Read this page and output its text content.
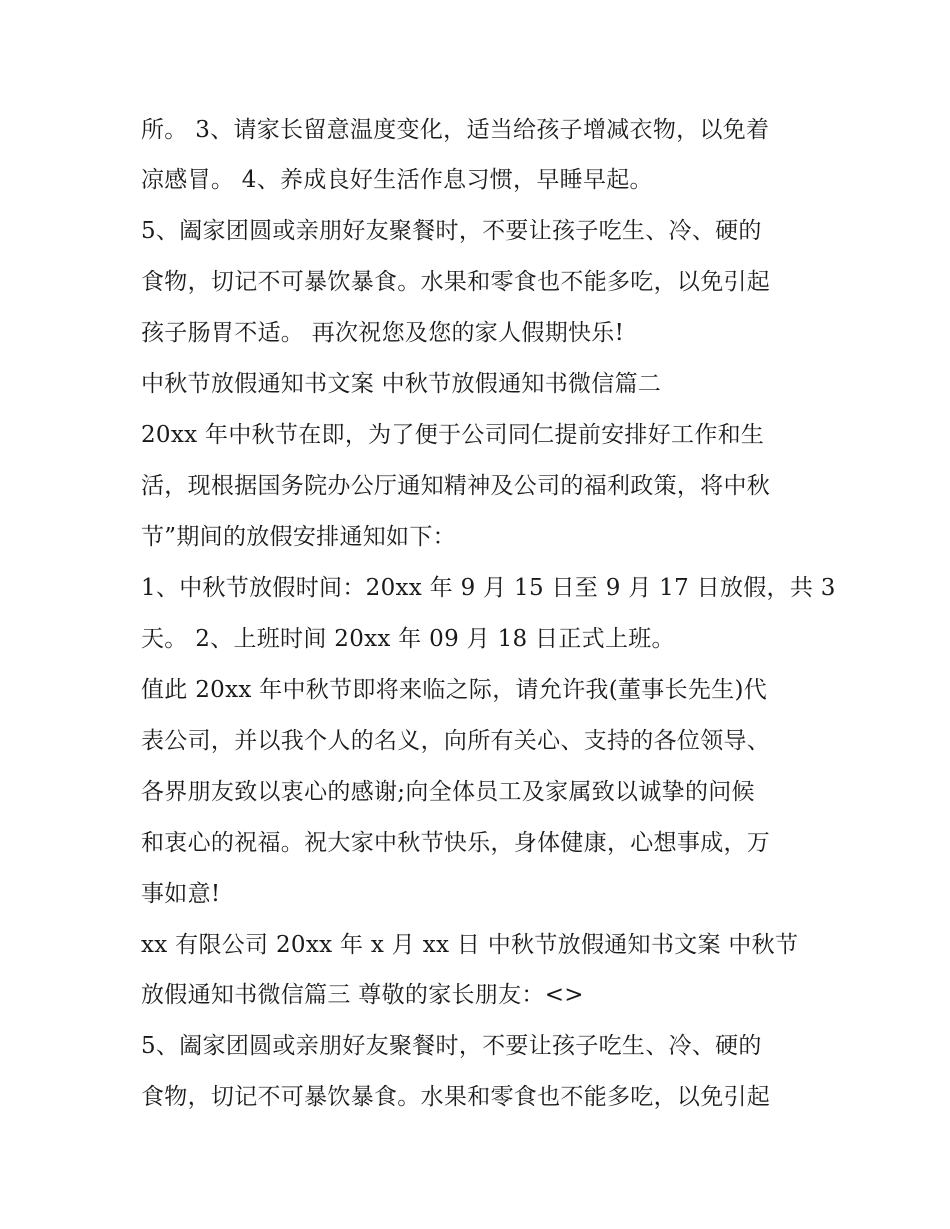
所。 3、请家长留意温度变化，适当给孩子增减衣物，以免着
凉感冒。 4、养成良好生活作息习惯，早睡早起。
5、阖家团圆或亲朋好友聚餐时，不要让孩子吃生、冷、硬的
食物，切记不可暴饮暴食。水果和零食也不能多吃，以免引起
孩子肠胃不适。 再次祝您及您的家人假期快乐!
中秋节放假通知书文案 中秋节放假通知书微信篇二
20xx 年中秋节在即，为了便于公司同仁提前安排好工作和生
活，现根据国务院办公厅通知精神及公司的福利政策，将中秋
节”期间的放假安排通知如下：
1、中秋节放假时间：20xx 年 9 月 15 日至 9 月 17 日放假，共 3
天。 2、上班时间 20xx 年 09 月 18 日正式上班。
值此 20xx 年中秋节即将来临之际，请允许我(董事长先生)代
表公司，并以我个人的名义，向所有关心、支持的各位领导、
各界朋友致以衷心的感谢;向全体员工及家属致以诚挚的问候
和衷心的祝福。祝大家中秋节快乐，身体健康，心想事成，万
事如意!
xx 有限公司 20xx 年 x 月 xx 日 中秋节放假通知书文案 中秋节
放假通知书微信篇三 尊敬的家长朋友：<>
5、阖家团圆或亲朋好友聚餐时，不要让孩子吃生、冷、硬的
食物，切记不可暴饮暴食。水果和零食也不能多吃，以免引起
